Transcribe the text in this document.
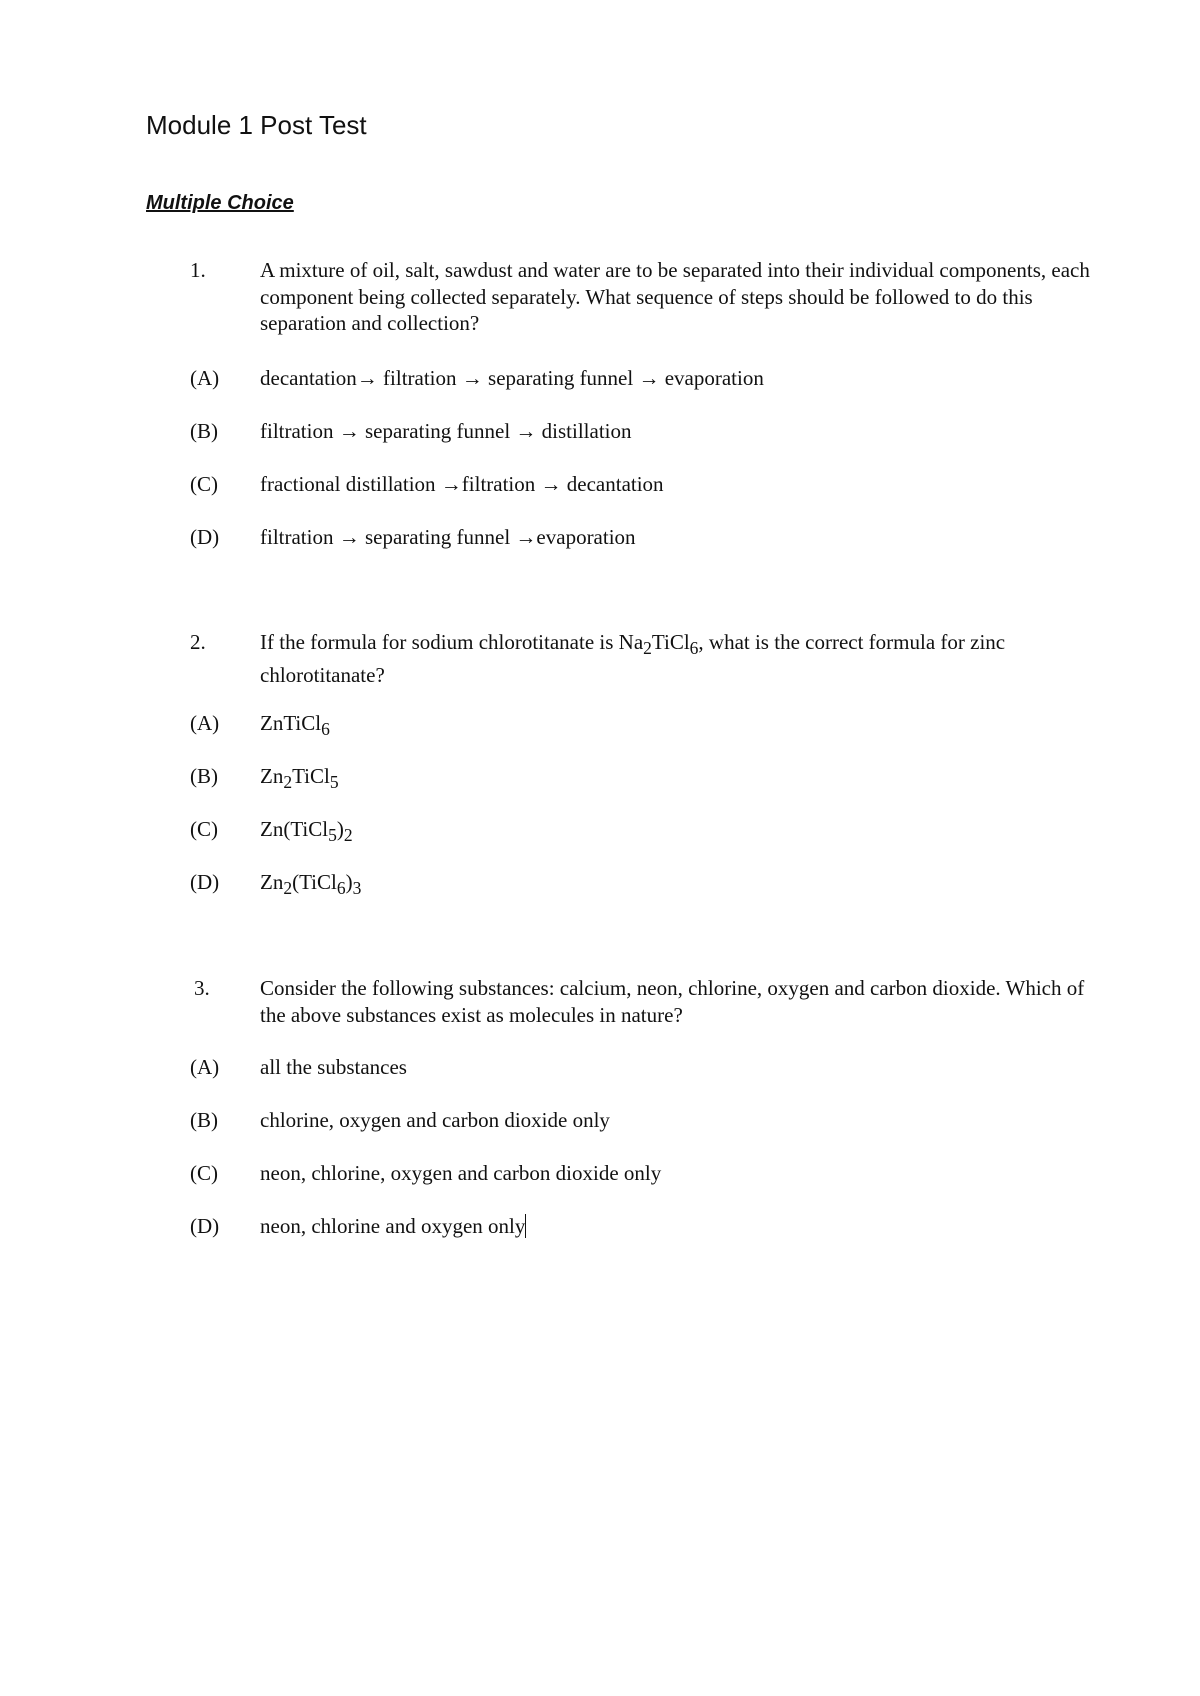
Module 1 Post Test
Multiple Choice
1.	A mixture of oil, salt, sawdust and water are to be separated into their individual components, each component being collected separately. What sequence of steps should be followed to do this separation and collection?
(A) decantation→ filtration → separating funnel → evaporation
(B) filtration → separating funnel → distillation
(C) fractional distillation →filtration → decantation
(D) filtration → separating funnel →evaporation
2.	If the formula for sodium chlorotitanate is $Na_2TiCl_6$, what is the correct formula for zinc chlorotitanate?
(A) ZnTiCl$_6$
(B) $Zn_2TiCl_5$
(C) $Zn(TiCl_5)_2$
(D) $Zn_2(TiCl_6)_3$
3. Consider the following substances: calcium, neon, chlorine, oxygen and carbon dioxide. Which of the above substances exist as molecules in nature?
(A) all the substances
(B) chlorine, oxygen and carbon dioxide only
(C) neon, chlorine, oxygen and carbon dioxide only
(D) neon, chlorine and oxygen only
